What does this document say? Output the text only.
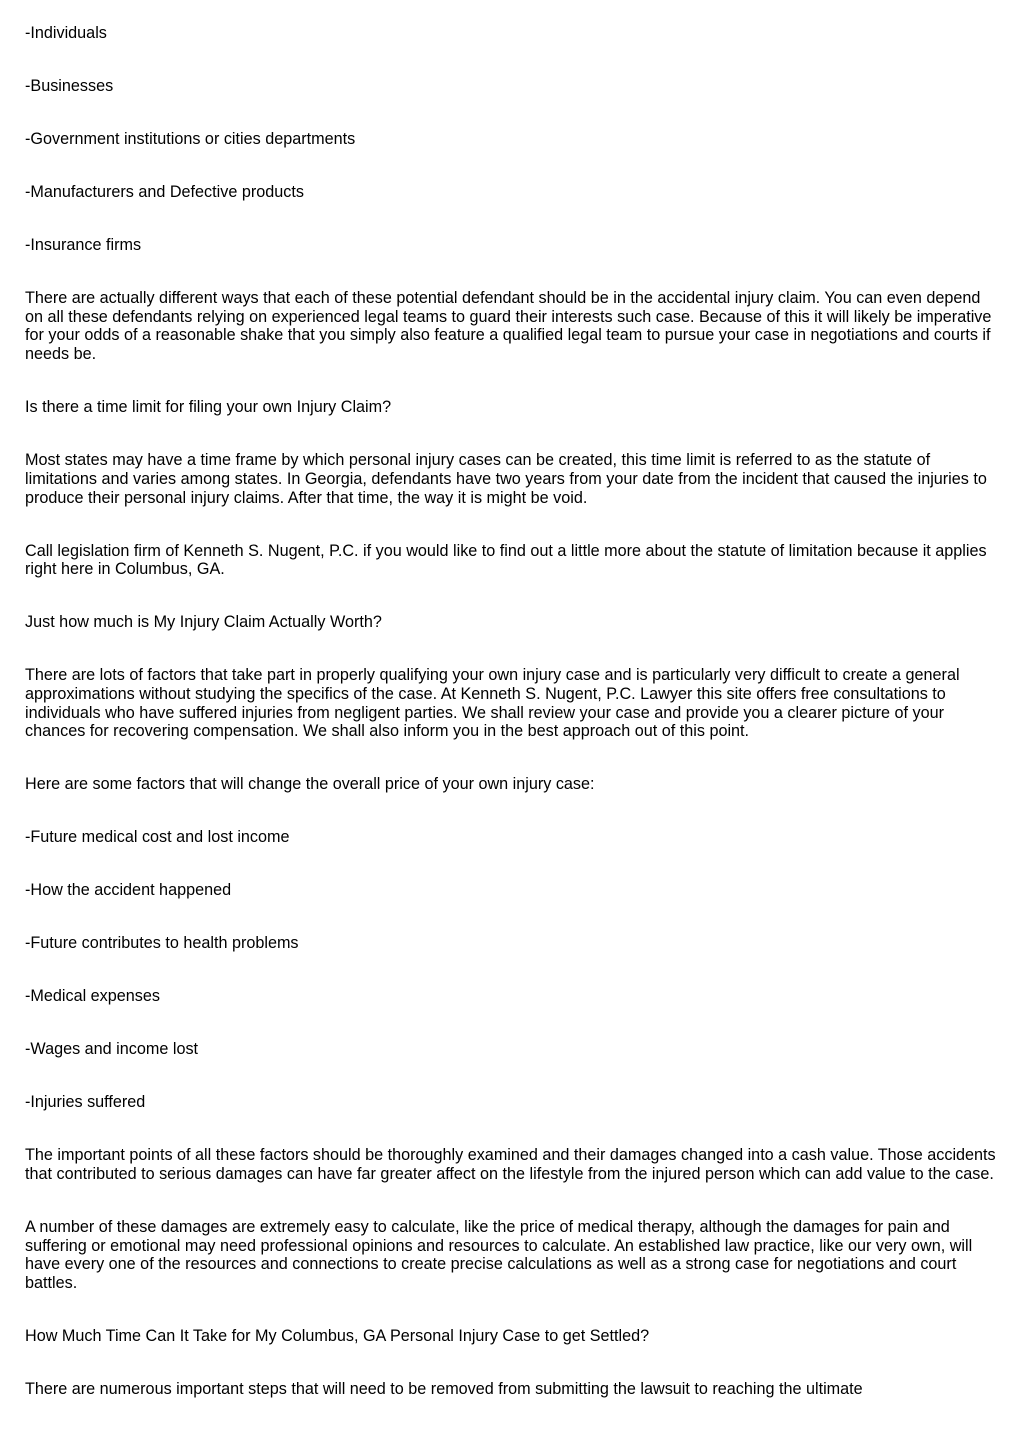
-Individuals

-Businesses

-Government institutions or cities departments

-Manufacturers and Defective products

-Insurance firms

There are actually different ways that each of these potential defendant should be in the accidental injury claim. You can even depend on all these defendants relying on experienced legal teams to guard their interests such case. Because of this it will likely be imperative for your odds of a reasonable shake that you simply also feature a qualified legal team to pursue your case in negotiations and courts if needs be.

Is there a time limit for filing your own Injury Claim?

Most states may have a time frame by which personal injury cases can be created, this time limit is referred to as the statute of limitations and varies among states. In Georgia, defendants have two years from your date from the incident that caused the injuries to produce their personal injury claims. After that time, the way it is might be void.

Call legislation firm of Kenneth S. Nugent, P.C. if you would like to find out a little more about the statute of limitation because it applies right here in Columbus, GA.

Just how much is My Injury Claim Actually Worth?

There are lots of factors that take part in properly qualifying your own injury case and is particularly very difficult to create a general approximations without studying the specifics of the case. At Kenneth S. Nugent, P.C. Lawyer this site offers free consultations to individuals who have suffered injuries from negligent parties. We shall review your case and provide you a clearer picture of your chances for recovering compensation. We shall also inform you in the best approach out of this point.

Here are some factors that will change the overall price of your own injury case:

-Future medical cost and lost income

-How the accident happened

-Future contributes to health problems

-Medical expenses

-Wages and income lost

-Injuries suffered

The important points of all these factors should be thoroughly examined and their damages changed into a cash value. Those accidents that contributed to serious damages can have far greater affect on the lifestyle from the injured person which can add value to the case.

A number of these damages are extremely easy to calculate, like the price of medical therapy, although the damages for pain and suffering or emotional may need professional opinions and resources to calculate. An established law practice, like our very own, will have every one of the resources and connections to create precise calculations as well as a strong case for negotiations and court battles.

How Much Time Can It Take for My Columbus, GA Personal Injury Case to get Settled?

There are numerous important steps that will need to be removed from submitting the lawsuit to reaching the ultimate
